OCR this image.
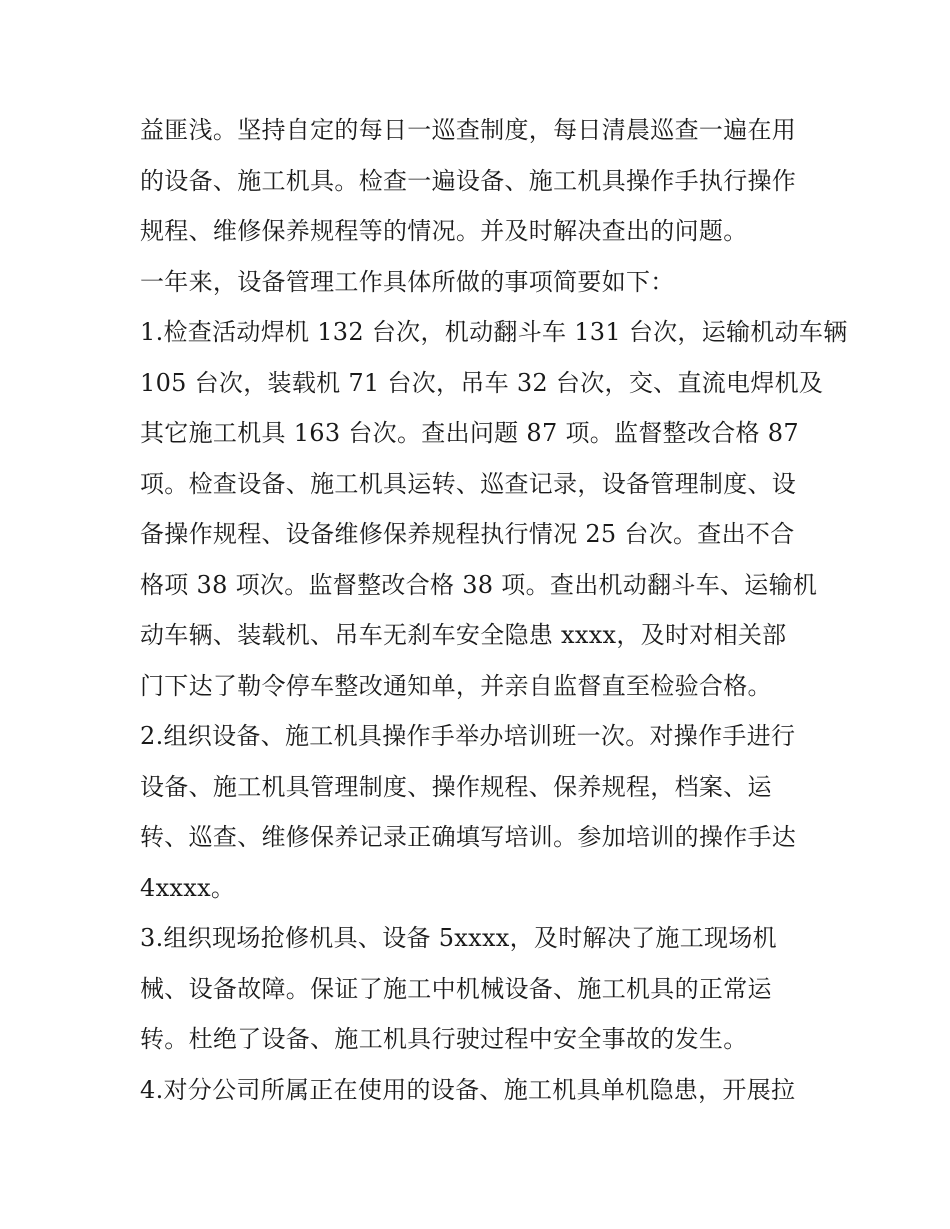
益匪浅。坚持自定的每日一巡查制度，每日清晨巡查一遍在用
的设备、施工机具。检查一遍设备、施工机具操作手执行操作
规程、维修保养规程等的情况。并及时解决查出的问题。
一年来，设备管理工作具体所做的事项简要如下：
1.检查活动焊机 132 台次，机动翻斗车 131 台次，运输机动车辆
105 台次，装载机 71 台次，吊车 32 台次，交、直流电焊机及
其它施工机具 163 台次。查出问题 87 项。监督整改合格 87
项。检查设备、施工机具运转、巡查记录，设备管理制度、设
备操作规程、设备维修保养规程执行情况 25 台次。查出不合
格项 38 项次。监督整改合格 38 项。查出机动翻斗车、运输机
动车辆、装载机、吊车无刹车安全隐患 xxxx，及时对相关部
门下达了勒令停车整改通知单，并亲自监督直至检验合格。
2.组织设备、施工机具操作手举办培训班一次。对操作手进行
设备、施工机具管理制度、操作规程、保养规程，档案、运
转、巡查、维修保养记录正确填写培训。参加培训的操作手达
4xxxx。
3.组织现场抢修机具、设备 5xxxx，及时解决了施工现场机
械、设备故障。保证了施工中机械设备、施工机具的正常运
转。杜绝了设备、施工机具行驶过程中安全事故的发生。
4.对分公司所属正在使用的设备、施工机具单机隐患，开展拉
